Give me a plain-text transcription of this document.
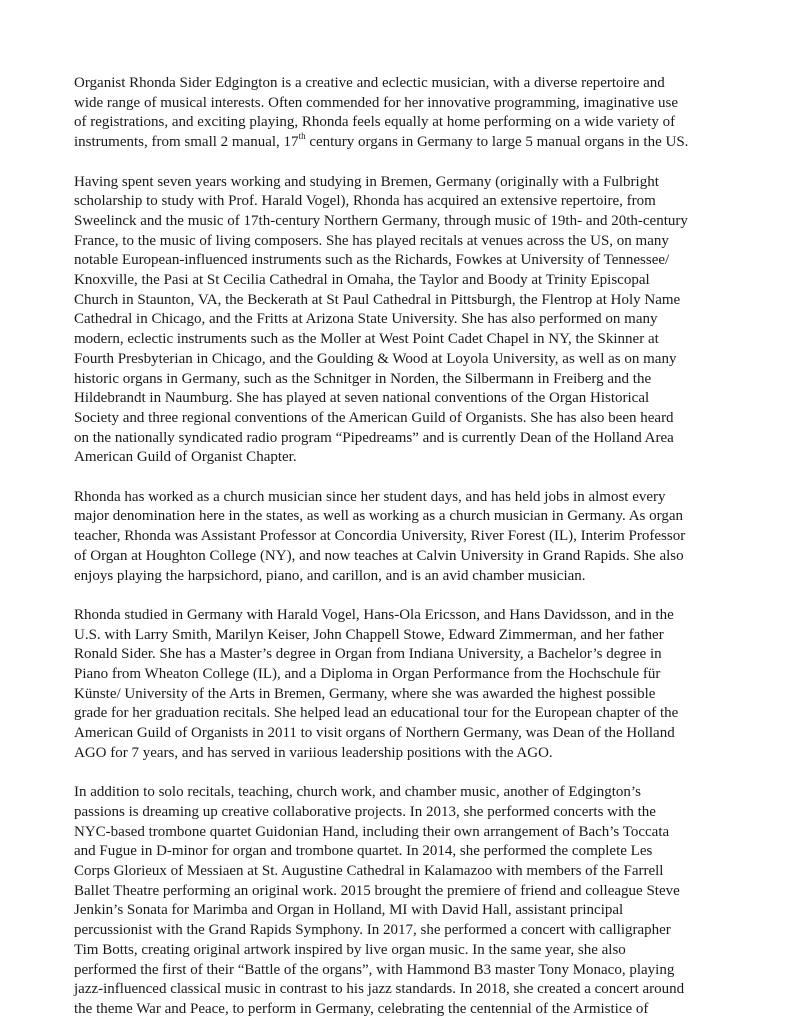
Organist Rhonda Sider Edgington is a creative and eclectic musician, with a diverse repertoire and
wide range of musical interests. Often commended for her innovative programming, imaginative use
of registrations, and exciting playing, Rhonda feels equally at home performing on a wide variety of
instruments, from small 2 manual, 17th century organs in Germany to large 5 manual organs in the US.

Having spent seven years working and studying in Bremen, Germany (originally with a Fulbright
scholarship to study with Prof. Harald Vogel), Rhonda has acquired an extensive repertoire, from
Sweelinck and the music of 17th-century Northern Germany, through music of 19th- and 20th-century
France, to the music of living composers. She has played recitals at venues across the US, on many
notable European-influenced instruments such as the Richards, Fowkes at University of Tennessee/
Knoxville, the Pasi at St Cecilia Cathedral in Omaha, the Taylor and Boody at Trinity Episcopal
Church in Staunton, VA, the Beckerath at St Paul Cathedral in Pittsburgh, the Flentrop at Holy Name
Cathedral in Chicago, and the Fritts at Arizona State University. She has also performed on many
modern, eclectic instruments such as the Moller at West Point Cadet Chapel in NY, the Skinner at
Fourth Presbyterian in Chicago, and the Goulding & Wood at Loyola University, as well as on many
historic organs in Germany, such as the Schnitger in Norden, the Silbermann in Freiberg and the
Hildebrandt in Naumburg. She has played at seven national conventions of the Organ Historical
Society and three regional conventions of the American Guild of Organists. She has also been heard
on the nationally syndicated radio program “Pipedreams” and is currently Dean of the Holland Area
American Guild of Organist Chapter.

Rhonda has worked as a church musician since her student days, and has held jobs in almost every
major denomination here in the states, as well as working as a church musician in Germany. As organ
teacher, Rhonda was Assistant Professor at Concordia University, River Forest (IL), Interim Professor
of Organ at Houghton College (NY), and now teaches at Calvin University in Grand Rapids. She also
enjoys playing the harpsichord, piano, and carillon, and is an avid chamber musician.

Rhonda studied in Germany with Harald Vogel, Hans-Ola Ericsson, and Hans Davidsson, and in the
U.S. with Larry Smith, Marilyn Keiser, John Chappell Stowe, Edward Zimmerman, and her father
Ronald Sider. She has a Master’s degree in Organ from Indiana University, a Bachelor’s degree in
Piano from Wheaton College (IL), and a Diploma in Organ Performance from the Hochschule für
Künste/ University of the Arts in Bremen, Germany, where she was awarded the highest possible
grade for her graduation recitals. She helped lead an educational tour for the European chapter of the
American Guild of Organists in 2011 to visit organs of Northern Germany, was Dean of the Holland
AGO for 7 years, and has served in variious leadership positions with the AGO.

In addition to solo recitals, teaching, church work, and chamber music, another of Edgington’s
passions is dreaming up creative collaborative projects. In 2013, she performed concerts with the
NYC-based trombone quartet Guidonian Hand, including their own arrangement of Bach’s Toccata
and Fugue in D-minor for organ and trombone quartet. In 2014, she performed the complete Les
Corps Glorieux of Messiaen at St. Augustine Cathedral in Kalamazoo with members of the Farrell
Ballet Theatre performing an original work. 2015 brought the premiere of friend and colleague Steve
Jenkin’s Sonata for Marimba and Organ in Holland, MI with David Hall, assistant principal
percussionist with the Grand Rapids Symphony. In 2017, she performed a concert with calligrapher
Tim Botts, creating original artwork inspired by live organ music. In the same year, she also
performed the first of their “Battle of the organs”, with Hammond B3 master Tony Monaco, playing
jazz-influenced classical music in contrast to his jazz standards. In 2018, she created a concert around
the theme War and Peace, to perform in Germany, celebrating the centennial of the Armistice of
